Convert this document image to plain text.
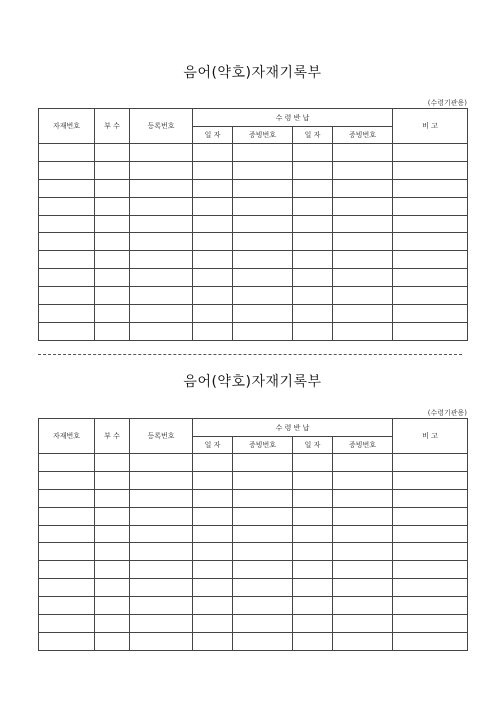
음어(약호)자재기록부
(수령기관용)
자재번호	부 수	등록번호	수 령 반 납				비 고
			일 자	증빙번호	일 자	증빙번호	

음어(약호)자재기록부
(수령기관용)
자재번호	부 수	등록번호	수 령 반 납				비 고
			일 자	증빙번호	일 자	증빙번호	
